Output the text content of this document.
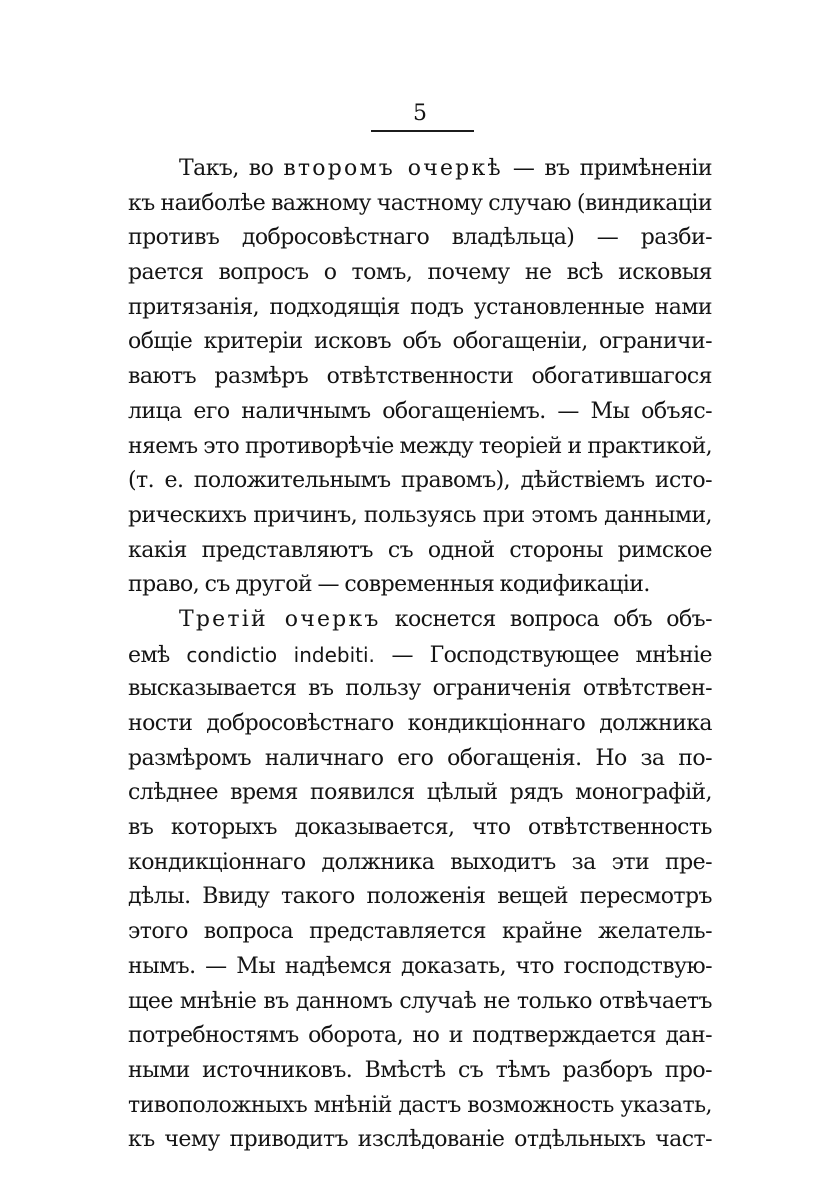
5
Такъ, во второмъ очеркѣ — въ примѣненіи
къ наиболѣе важному частному случаю (виндикаціи
противъ добросовѣстнаго владѣльца) — разби-
рается вопросъ о томъ, почему не всѣ исковыя
притязанія, подходящія подъ установленные нами
общіе критеріи исковъ объ обогащеніи, ограничи-
ваютъ размѣръ отвѣтственности обогатившагося
лица его наличнымъ обогащеніемъ. — Мы объяс-
няемъ это противорѣчіе между теоріей и практикой,
(т. е. положительнымъ правомъ), дѣйствіемъ исто-
рическихъ причинъ, пользуясь при этомъ данными,
какія представляютъ съ одной стороны римское
право, съ другой — современныя кодификаціи.
Третій очеркъ коснется вопроса объ объ-
емѣ condictio indebiti. — Господствующее мнѣніе
высказывается въ пользу ограниченія отвѣтствен-
ности добросовѣстнаго кондикціоннаго должника
размѣромъ наличнаго его обогащенія. Но за по-
слѣднее время появился цѣлый рядъ монографій,
въ которыхъ доказывается, что отвѣтственность
кондикціоннаго должника выходитъ за эти пре-
дѣлы. Ввиду такого положенія вещей пересмотръ
этого вопроса представляется крайне желатель-
нымъ. — Мы надѣемся доказать, что господствую-
щее мнѣніе въ данномъ случаѣ не только отвѣчаетъ
потребностямъ оборота, но и подтверждается дан-
ными источниковъ. Вмѣстѣ съ тѣмъ разборъ про-
тивоположныхъ мнѣній дастъ возможность указать,
къ чему приводитъ изслѣдованіе отдѣльныхъ част-
